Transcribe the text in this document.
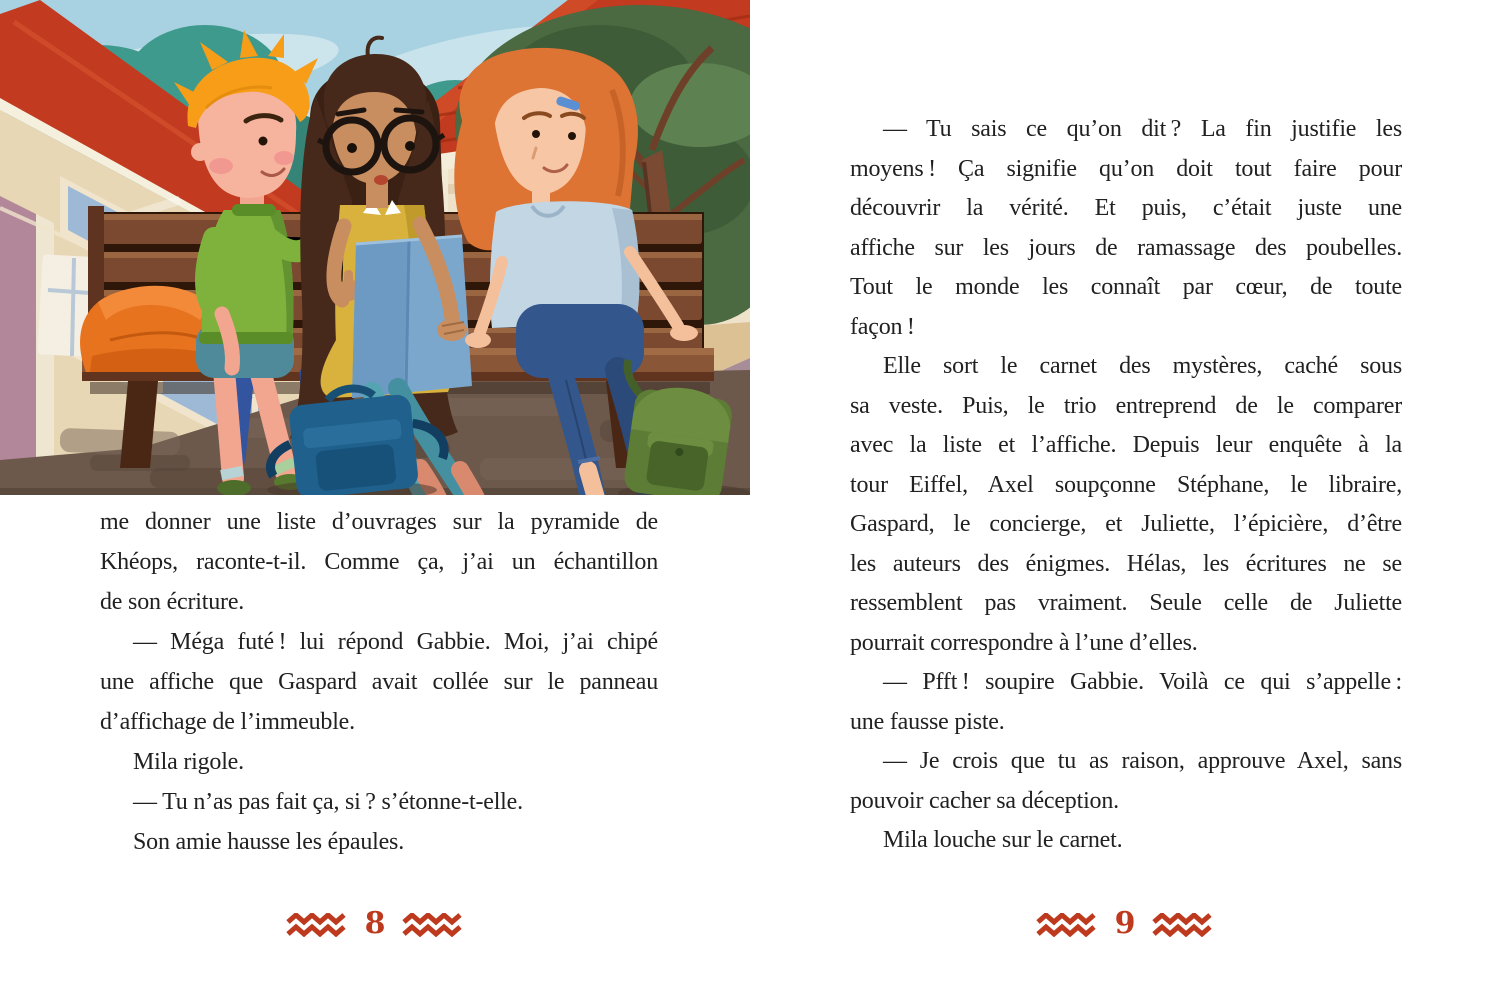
me donner une liste d’ouvrages sur la pyramide de
Khéops, raconte-t-il. Comme ça, j’ai un échantillon
de son écriture.
— Méga futé ! lui répond Gabbie. Moi, j’ai chipé
une affiche que Gaspard avait collée sur le panneau
d’affichage de l’immeuble.
Mila rigole.
— Tu n’as pas fait ça, si ? s’étonne-t-elle.
Son amie hausse les épaules.
8
— Tu sais ce qu’on dit ? La fin justifie les
moyens ! Ça signifie qu’on doit tout faire pour
découvrir la vérité. Et puis, c’était juste une
affiche sur les jours de ramassage des poubelles.
Tout le monde les connaît par cœur, de toute
façon !
Elle sort le carnet des mystères, caché sous
sa veste. Puis, le trio entreprend de le comparer
avec la liste et l’affiche. Depuis leur enquête à la
tour Eiffel, Axel soupçonne Stéphane, le libraire,
Gaspard, le concierge, et Juliette, l’épicière, d’être
les auteurs des énigmes. Hélas, les écritures ne se
ressemblent pas vraiment. Seule celle de Juliette
pourrait correspondre à l’une d’elles.
— Pfft ! soupire Gabbie. Voilà ce qui s’appelle :
une fausse piste.
— Je crois que tu as raison, approuve Axel, sans
pouvoir cacher sa déception.
Mila louche sur le carnet.
9
